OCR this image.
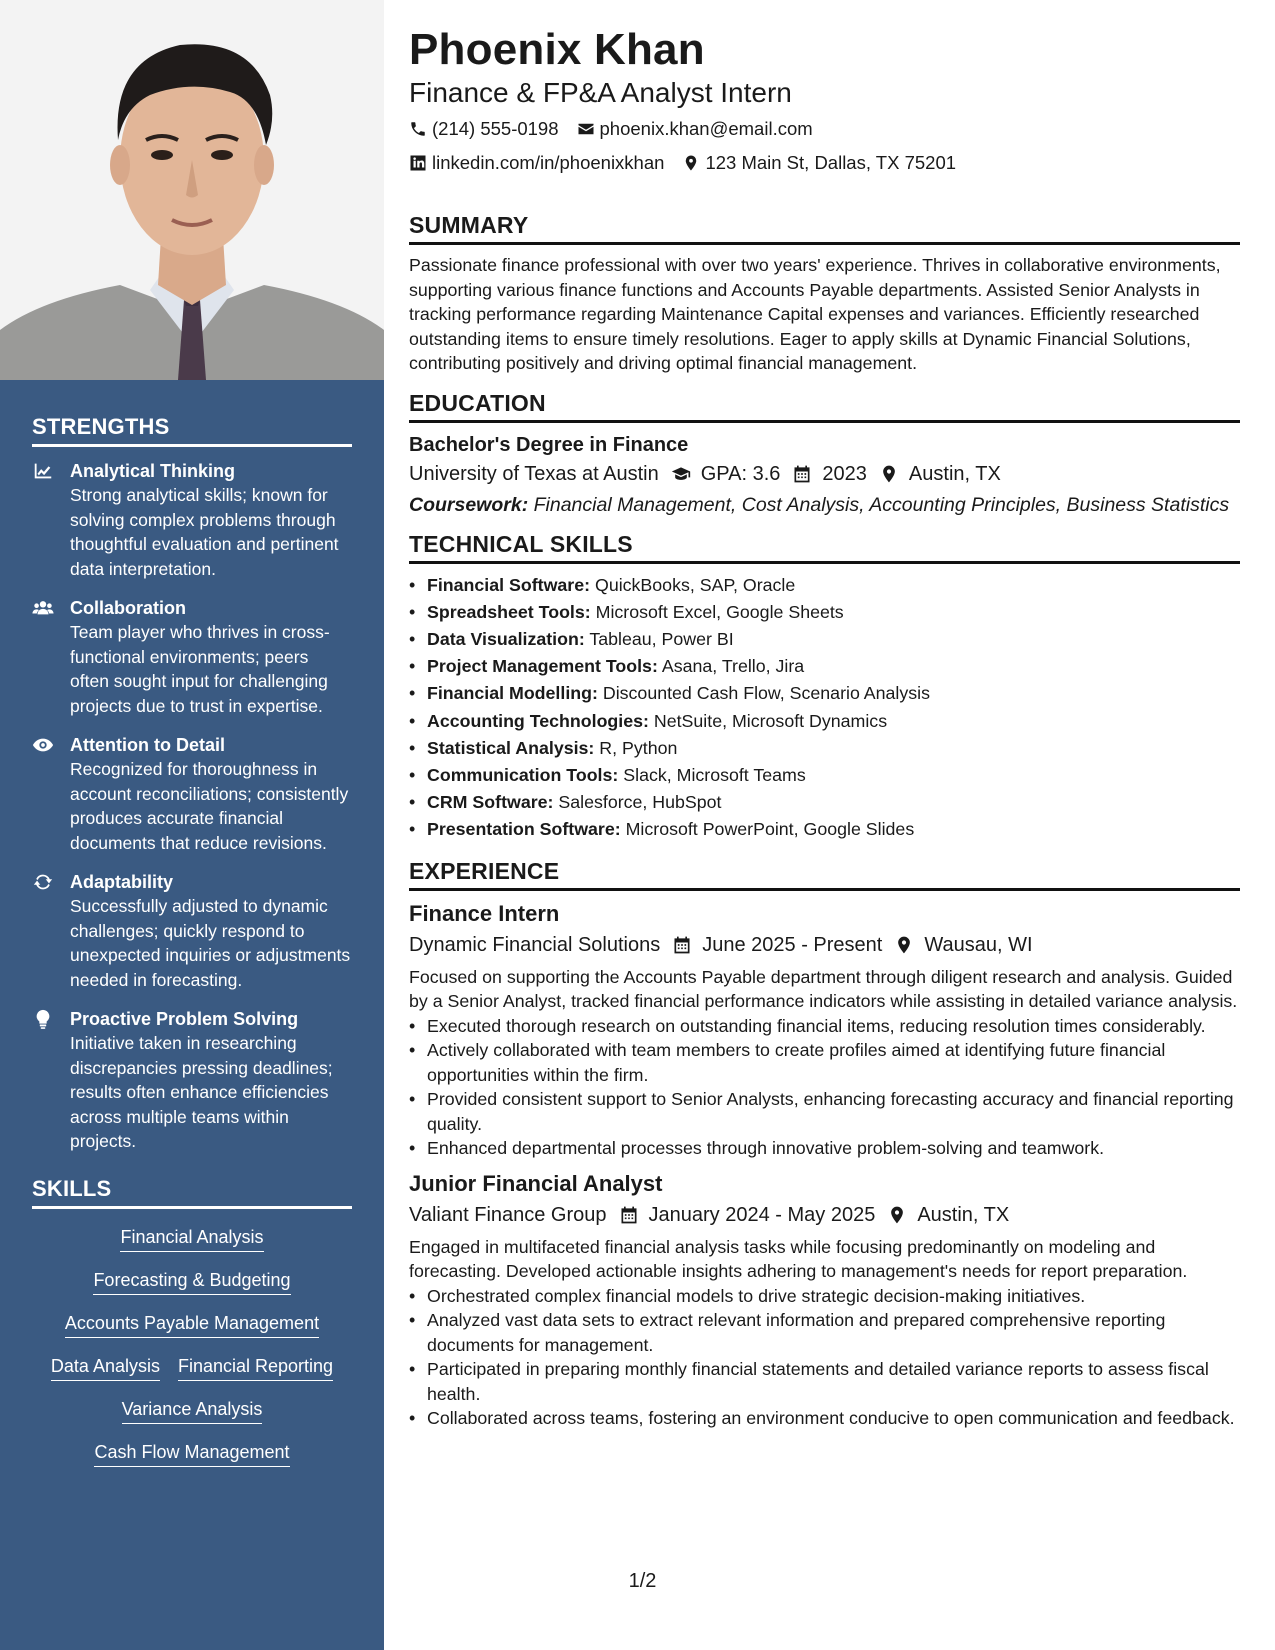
STRENGTHS
Analytical Thinking
Strong analytical skills; known for solving complex problems through thoughtful evaluation and pertinent data interpretation.
Collaboration
Team player who thrives in cross-functional environments; peers often sought input for challenging projects due to trust in expertise.
Attention to Detail
Recognized for thoroughness in account reconciliations; consistently produces accurate financial documents that reduce revisions.
Adaptability
Successfully adjusted to dynamic challenges; quickly respond to unexpected inquiries or adjustments needed in forecasting.
Proactive Problem Solving
Initiative taken in researching discrepancies pressing deadlines; results often enhance efficiencies across multiple teams within projects.
SKILLS
Financial Analysis
Forecasting & Budgeting
Accounts Payable Management
Data Analysis Financial Reporting
Variance Analysis
Cash Flow Management
Phoenix Khan
Finance & FP&A Analyst Intern
(214) 555-0198 phoenix.khan@email.com
linkedin.com/in/phoenixkhan 123 Main St, Dallas, TX 75201
SUMMARY

Passionate finance professional with over two years' experience. Thrives in collaborative environments, supporting various finance functions and Accounts Payable departments. Assisted Senior Analysts in tracking performance regarding Maintenance Capital expenses and variances. Efficiently researched outstanding items to ensure timely resolutions. Eager to apply skills at Dynamic Financial Solutions, contributing positively and driving optimal financial management.

EDUCATION
Bachelor's Degree in Finance
University of Texas at Austin GPA: 3.6 2023 Austin, TX
Coursework: Financial Management, Cost Analysis, Accounting Principles, Business Statistics
TECHNICAL SKILLS
• Financial Software: QuickBooks, SAP, Oracle
• Spreadsheet Tools: Microsoft Excel, Google Sheets
• Data Visualization: Tableau, Power BI
• Project Management Tools: Asana, Trello, Jira
• Financial Modelling: Discounted Cash Flow, Scenario Analysis
• Accounting Technologies: NetSuite, Microsoft Dynamics
• Statistical Analysis: R, Python
• Communication Tools: Slack, Microsoft Teams
• CRM Software: Salesforce, HubSpot
• Presentation Software: Microsoft PowerPoint, Google Slides
EXPERIENCE
Finance Intern
Dynamic Financial Solutions June 2025 - Present Wausau, WI

Focused on supporting the Accounts Payable department through diligent research and analysis. Guided by a Senior Analyst, tracked financial performance indicators while assisting in detailed variance analysis.

• Executed thorough research on outstanding financial items, reducing resolution times considerably.
• Actively collaborated with team members to create profiles aimed at identifying future financial opportunities within the firm.
• Provided consistent support to Senior Analysts, enhancing forecasting accuracy and financial reporting quality.
• Enhanced departmental processes through innovative problem-solving and teamwork.
Junior Financial Analyst
Valiant Finance Group January 2024 - May 2025 Austin, TX

Engaged in multifaceted financial analysis tasks while focusing predominantly on modeling and forecasting. Developed actionable insights adhering to management's needs for report preparation.

• Orchestrated complex financial models to drive strategic decision-making initiatives.
• Analyzed vast data sets to extract relevant information and prepared comprehensive reporting documents for management.
• Participated in preparing monthly financial statements and detailed variance reports to assess fiscal health.
• Collaborated across teams, fostering an environment conducive to open communication and feedback.
1/2
